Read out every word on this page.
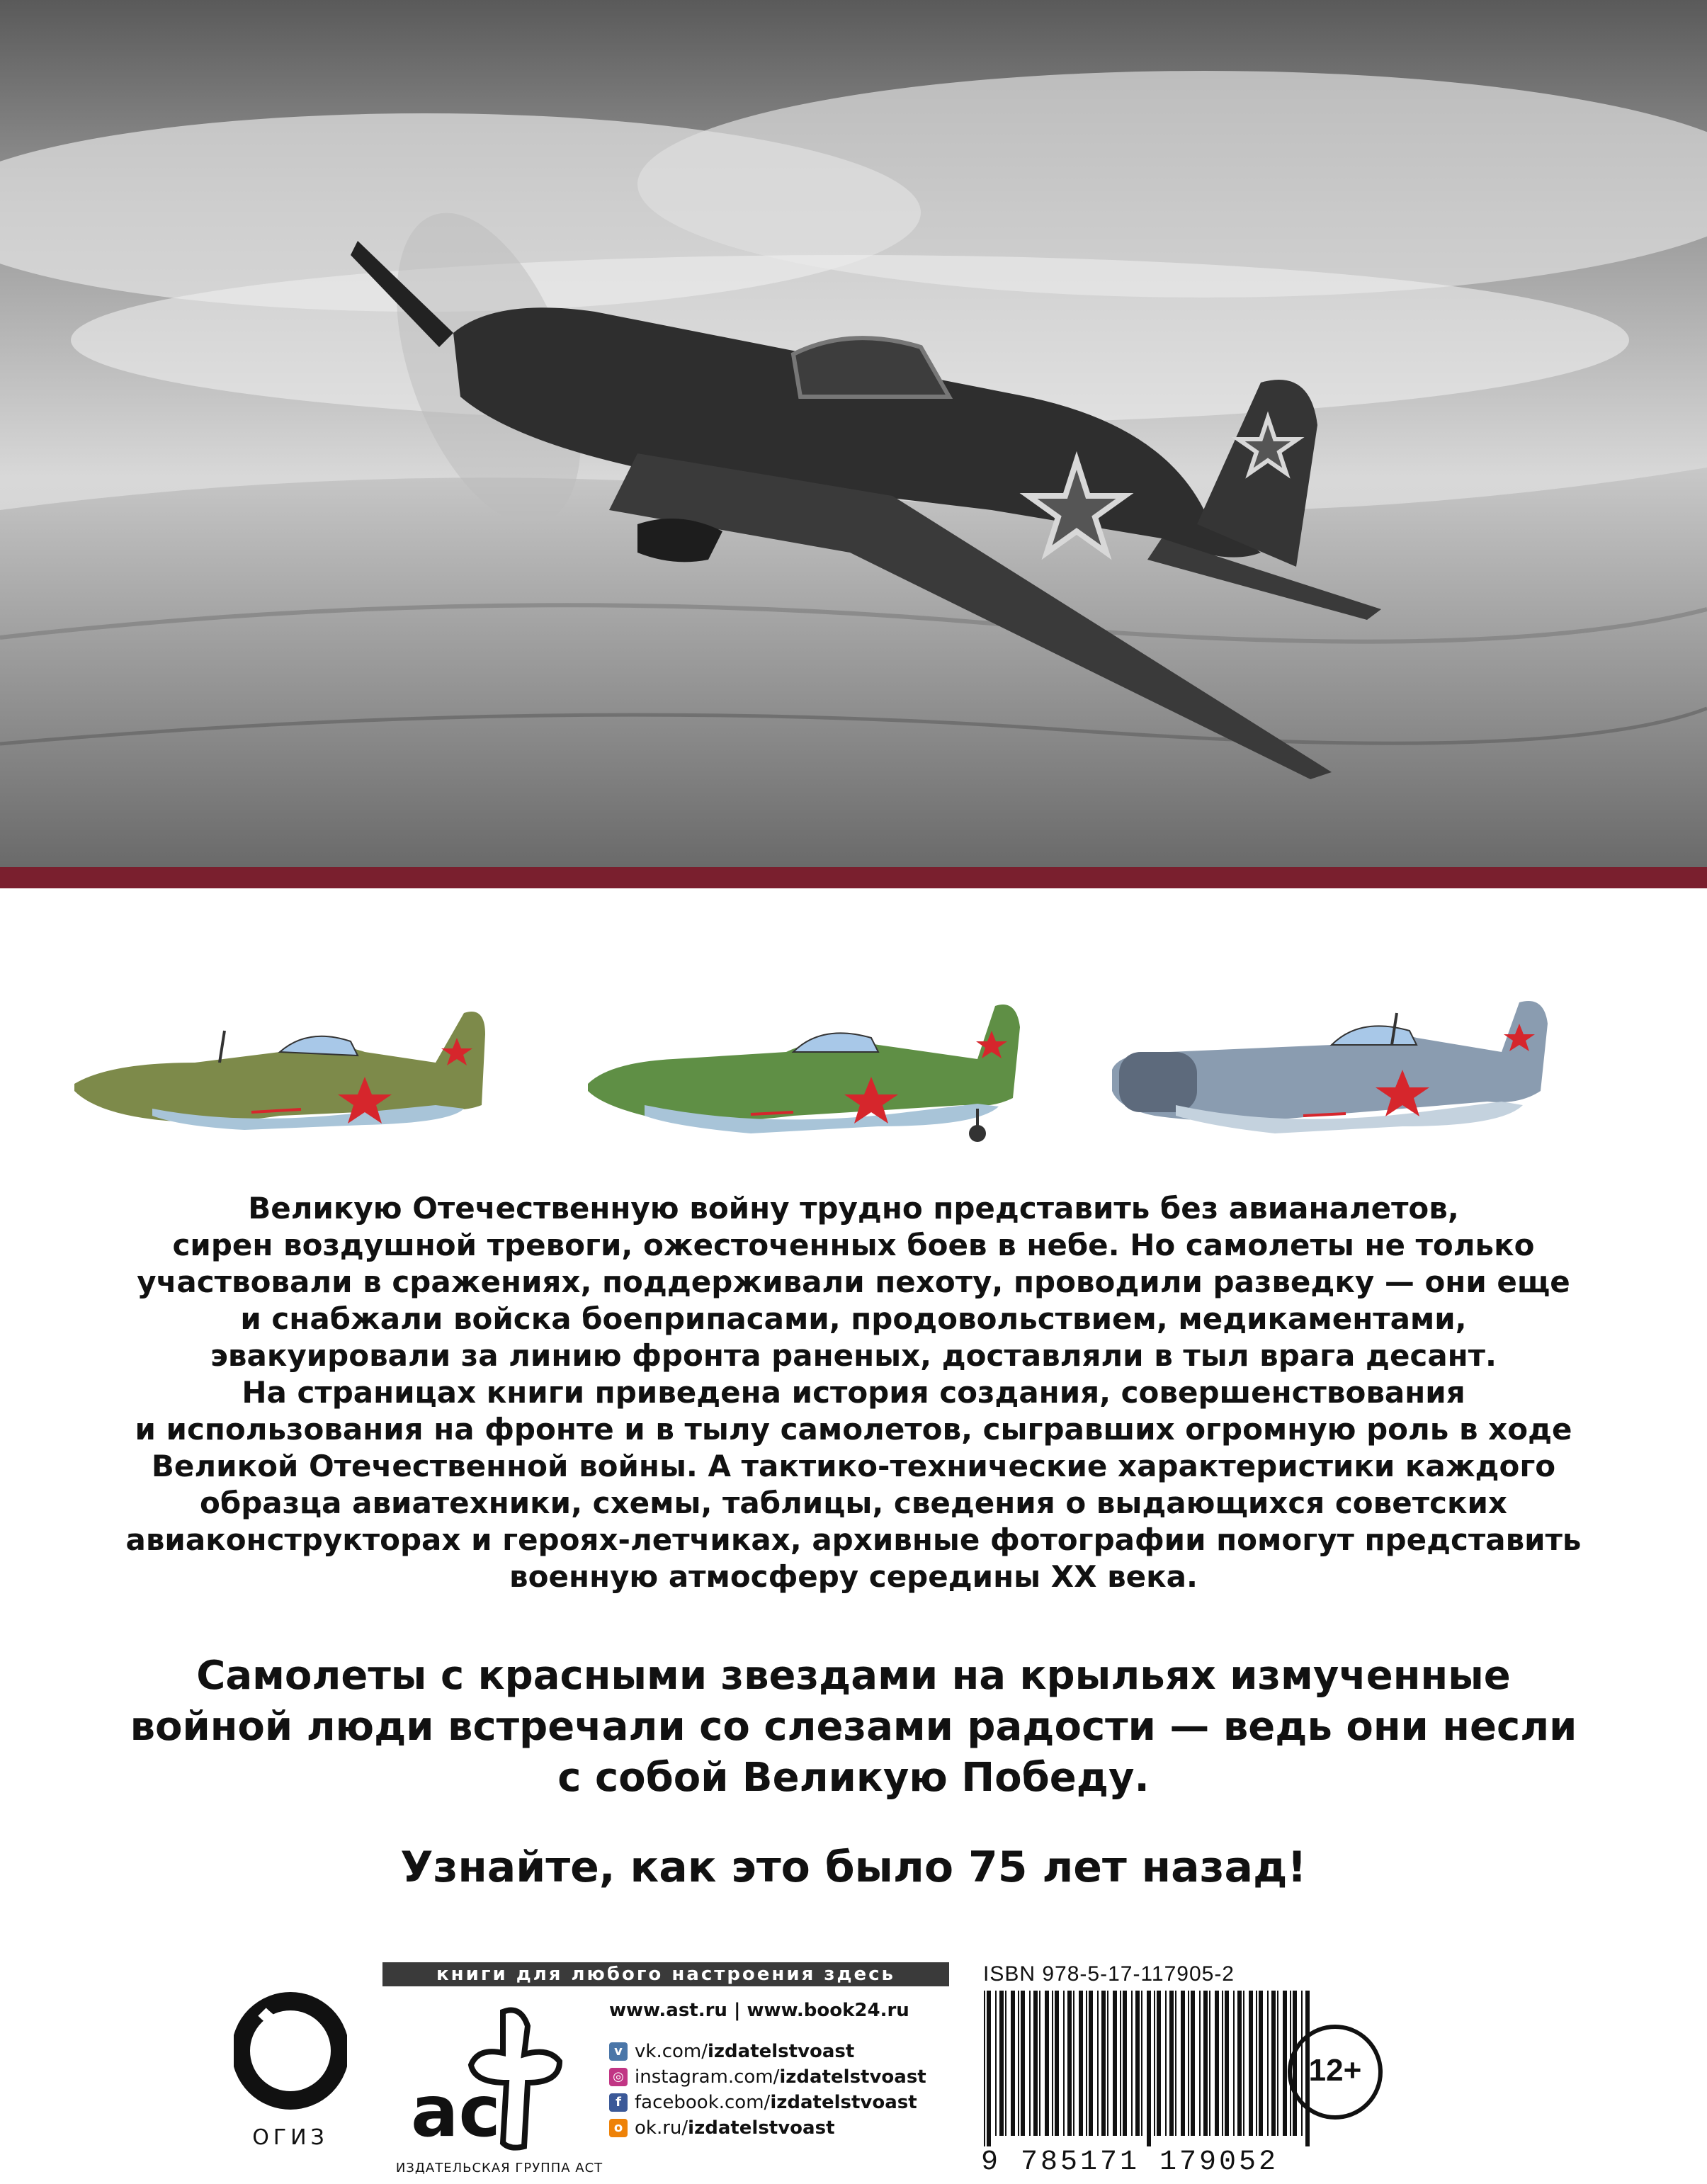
Великую Отечественную войну трудно представить без авианалетов,

сирен воздушной тревоги, ожесточенных боев в небе. Но самолеты не только

участвовали в сражениях, поддерживали пехоту, проводили разведку — они еще

и снабжали войска боеприпасами, продовольствием, медикаментами,

эвакуировали за линию фронта раненых, доставляли в тыл врага десант.

На страницах книги приведена история создания, совершенствования

и использования на фронте и в тылу самолетов, сыгравших огромную роль в ходе

Великой Отечественной войны. А тактико-технические характеристики каждого

образца авиатехники, схемы, таблицы, сведения о выдающихся советских

авиаконструкторах и героях-летчиках, архивные фотографии помогут представить

военную атмосферу середины XX века.

Самолеты с красными звездами на крыльях измученные

войной люди встречали со слезами радости — ведь они несли

с собой Великую Победу.

Узнайте, как это было 75 лет назад!
ОГИЗ
книги для любого настроения здесь
ас
ИЗДАТЕЛЬСКАЯ ГРУППА АСТ
www.ast.ru | www.book24.ru
v vk.com/ izdatelstvoast
◎ instagram.com/ izdatelstvoast
f facebook.com/ izdatelstvoast
o ok.ru/ izdatelstvoast
ISBN 978-5-17-117905-2
9 785171 179052
12+
